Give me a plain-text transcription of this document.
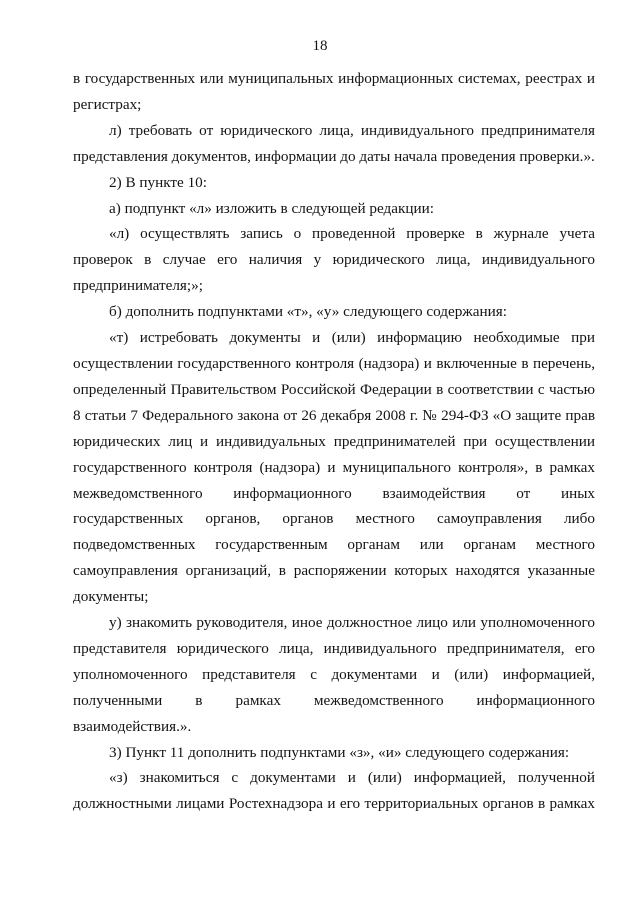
18

в государственных или муниципальных информационных системах, реестрах и регистрах;

л) требовать от юридического лица, индивидуального предпринимателя представления документов, информации до даты начала проведения проверки.».

2) В пункте 10:

а) подпункт «л» изложить в следующей редакции:

«л) осуществлять запись о проведенной проверке в журнале учета проверок в случае его наличия у юридического лица, индивидуального предпринимателя;»;

б) дополнить подпунктами «т», «у» следующего содержания:

«т) истребовать документы и (или) информацию необходимые при осуществлении государственного контроля (надзора) и включенные в перечень, определенный Правительством Российской Федерации в соответствии с частью 8 статьи 7 Федерального закона от 26 декабря 2008 г. № 294-ФЗ «О защите прав юридических лиц и индивидуальных предпринимателей при осуществлении государственного контроля (надзора) и муниципального контроля», в рамках межведомственного информационного взаимодействия от иных государственных органов, органов местного самоуправления либо подведомственных государственным органам или органам местного самоуправления организаций, в распоряжении которых находятся указанные документы;

у) знакомить руководителя, иное должностное лицо или уполномоченного представителя юридического лица, индивидуального предпринимателя, его уполномоченного представителя с документами и (или) информацией, полученными в рамках межведомственного информационного взаимодействия.».

3) Пункт 11 дополнить подпунктами «з», «и» следующего содержания:

«з) знакомиться с документами и (или) информацией, полученной должностными лицами Ростехнадзора и его территориальных органов в рамках
